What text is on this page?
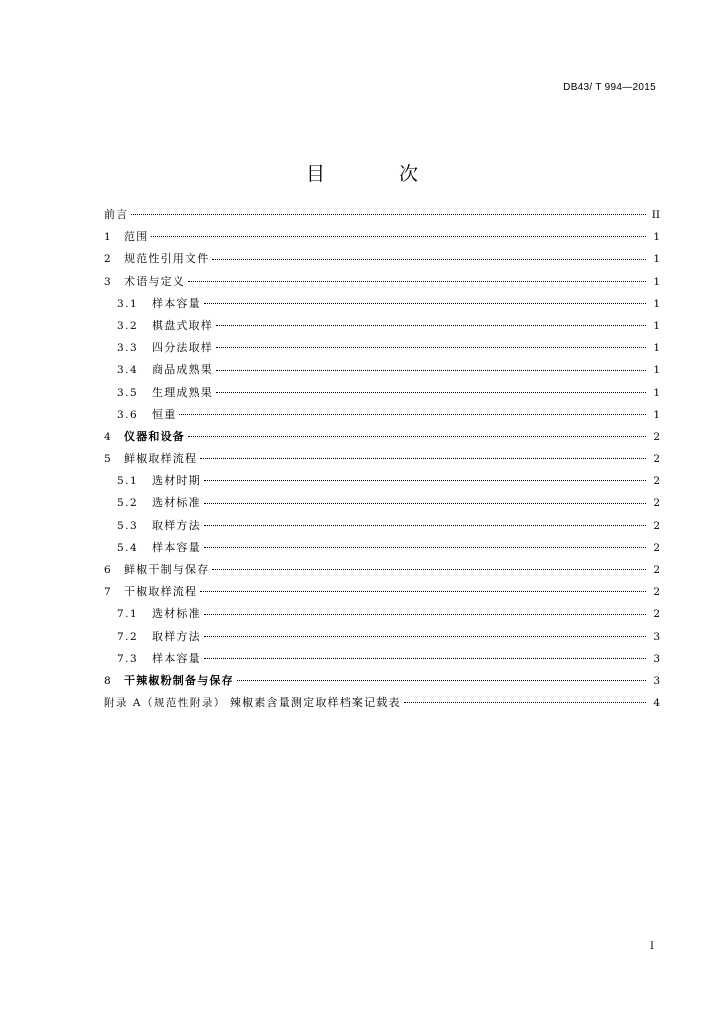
DB43/ T 994—2015
目 次
前言	II
1	范围	1
2	规范性引用文件	1
3	术语与定义	1
3.1	样本容量	1
3.2	棋盘式取样	1
3.3	四分法取样	1
3.4	商品成熟果	1
3.5	生理成熟果	1
3.6	恒重	1
4	仪器和设备	2
5	鲜椒取样流程	2
5.1	选材时期	2
5.2	选材标准	2
5.3	取样方法	2
5.4	样本容量	2
6	鲜椒干制与保存	2
7	干椒取样流程	2
7.1	选材标准	2
7.2	取样方法	3
7.3	样本容量	3
8	干辣椒粉制备与保存	3
附录 A（规范性附录） 辣椒素含量测定取样档案记载表	4
I
